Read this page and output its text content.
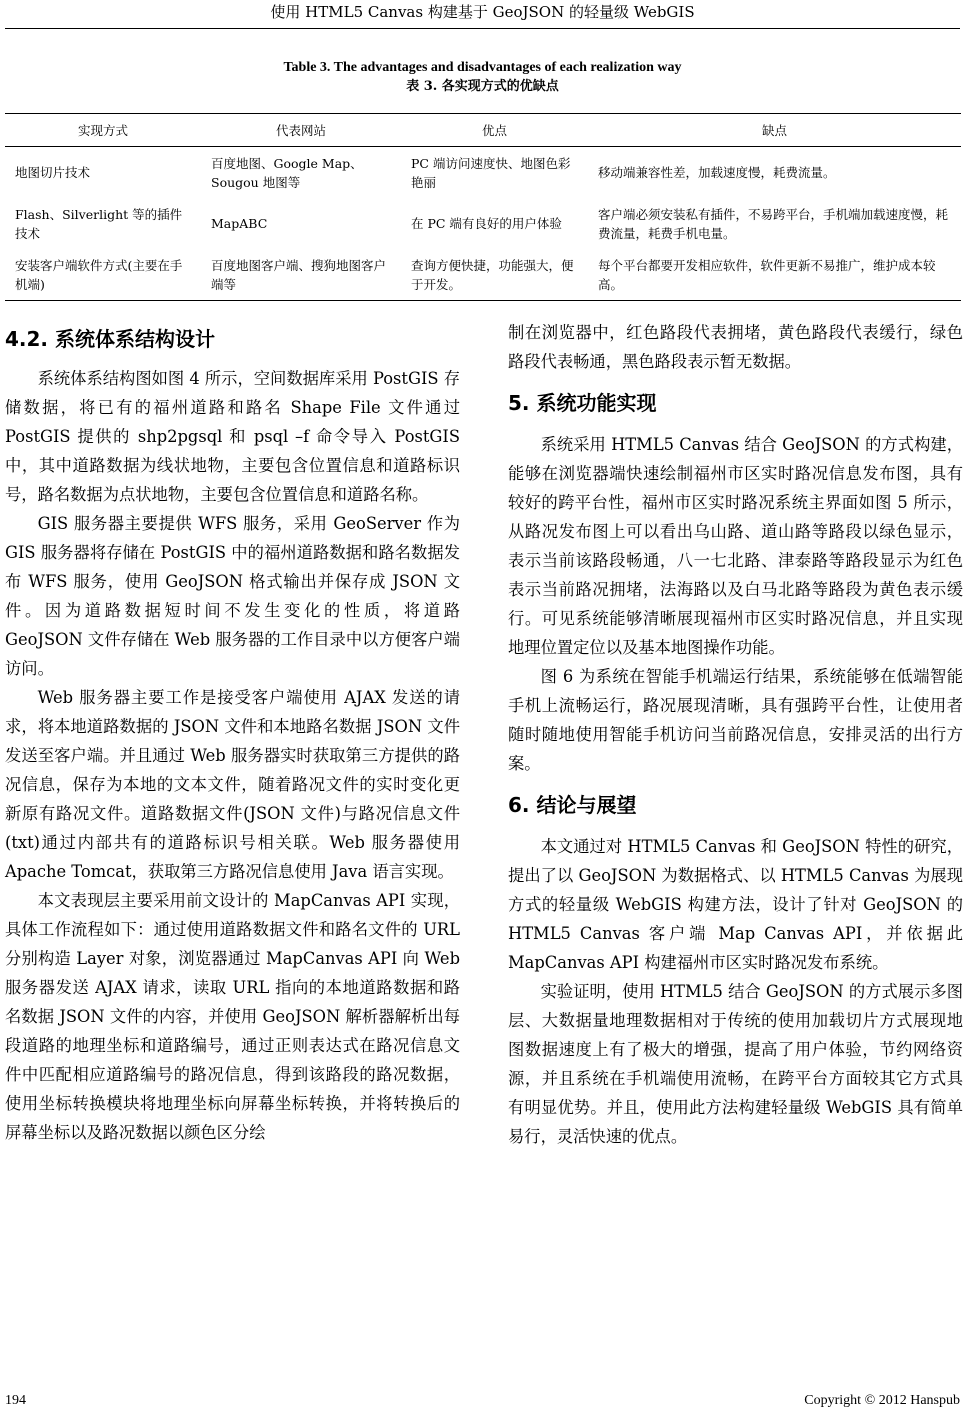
使用 HTML5 Canvas 构建基于 GeoJSON 的轻量级 WebGIS
Table 3. The advantages and disadvantages of each realization way
表 3. 各实现方式的优缺点
实现方式	代表网站	优点	缺点
地图切片技术	百度地图、Google Map、Sougou 地图等	PC 端访问速度快、地图色彩艳丽	移动端兼容性差，加载速度慢，耗费流量。
Flash、Silverlight 等的插件技术	MapABC	在 PC 端有良好的用户体验	客户端必须安装私有插件，不易跨平台，手机端加载速度慢，耗费流量，耗费手机电量。
安装客户端软件方式(主要在手机端)	百度地图客户端、搜狗地图客户端等	查询方便快捷，功能强大，便于开发。	每个平台都要开发相应软件，软件更新不易推广，维护成本较高。
4.2. 系统体系结构设计

系统体系结构图如图 4 所示，空间数据库采用 PostGIS 存储数据，将已有的福州道路和路名 Shape File 文件通过 PostGIS 提供的 shp2pgsql 和 psql –f 命令导入 PostGIS 中，其中道路数据为线状地物，主要包含位置信息和道路标识号，路名数据为点状地物，主要包含位置信息和道路名称。

GIS 服务器主要提供 WFS 服务，采用 GeoServer 作为 GIS 服务器将存储在 PostGIS 中的福州道路数据和路名数据发布 WFS 服务，使用 GeoJSON 格式输出并保存成 JSON 文件。因为道路数据短时间不发生变化的性质，将道路 GeoJSON 文件存储在 Web 服务器的工作目录中以方便客户端访问。

Web 服务器主要工作是接受客户端使用 AJAX 发送的请求，将本地道路数据的 JSON 文件和本地路名数据 JSON 文件发送至客户端。并且通过 Web 服务器实时获取第三方提供的路况信息，保存为本地的文本文件，随着路况文件的实时变化更新原有路况文件。道路数据文件(JSON 文件)与路况信息文件(txt)通过内部共有的道路标识号相关联。Web 服务器使用 Apache Tomcat，获取第三方路况信息使用 Java 语言实现。

本文表现层主要采用前文设计的 MapCanvas API 实现，具体工作流程如下：通过使用道路数据文件和路名文件的 URL 分别构造 Layer 对象，浏览器通过 MapCanvas API 向 Web 服务器发送 AJAX 请求，读取 URL 指向的本地道路数据和路名数据 JSON 文件的内容，并使用 GeoJSON 解析器解析出每段道路的地理坐标和道路编号，通过正则表达式在路况信息文件中匹配相应道路编号的路况信息，得到该路段的路况数据，使用坐标转换模块将地理坐标向屏幕坐标转换，并将转换后的屏幕坐标以及路况数据以颜色区分绘

制在浏览器中，红色路段代表拥堵，黄色路段代表缓行，绿色路段代表畅通，黑色路段表示暂无数据。

5. 系统功能实现

系统采用 HTML5 Canvas 结合 GeoJSON 的方式构建，能够在浏览器端快速绘制福州市区实时路况信息发布图，具有较好的跨平台性，福州市区实时路况系统主界面如图 5 所示，从路况发布图上可以看出乌山路、道山路等路段以绿色显示，表示当前该路段畅通，八一七北路、津泰路等路段显示为红色表示当前路况拥堵，法海路以及白马北路等路段为黄色表示缓行。可见系统能够清晰展现福州市区实时路况信息，并且实现地理位置定位以及基本地图操作功能。

图 6 为系统在智能手机端运行结果，系统能够在低端智能手机上流畅运行，路况展现清晰，具有强跨平台性，让使用者随时随地使用智能手机访问当前路况信息，安排灵活的出行方案。

6. 结论与展望

本文通过对 HTML5 Canvas 和 GeoJSON 特性的研究，提出了以 GeoJSON 为数据格式、以 HTML5 Canvas 为展现方式的轻量级 WebGIS 构建方法，设计了针对 GeoJSON 的 HTML5 Canvas 客户端 Map Canvas API，并依据此 MapCanvas API 构建福州市区实时路况发布系统。

实验证明，使用 HTML5 结合 GeoJSON 的方式展示多图层、大数据量地理数据相对于传统的使用加载切片方式展现地图数据速度上有了极大的增强，提高了用户体验，节约网络资源，并且系统在手机端使用流畅，在跨平台方面较其它方式具有明显优势。并且，使用此方法构建轻量级 WebGIS 具有简单易行，灵活快速的优点。

194	Copyright © 2012 Hanspub
